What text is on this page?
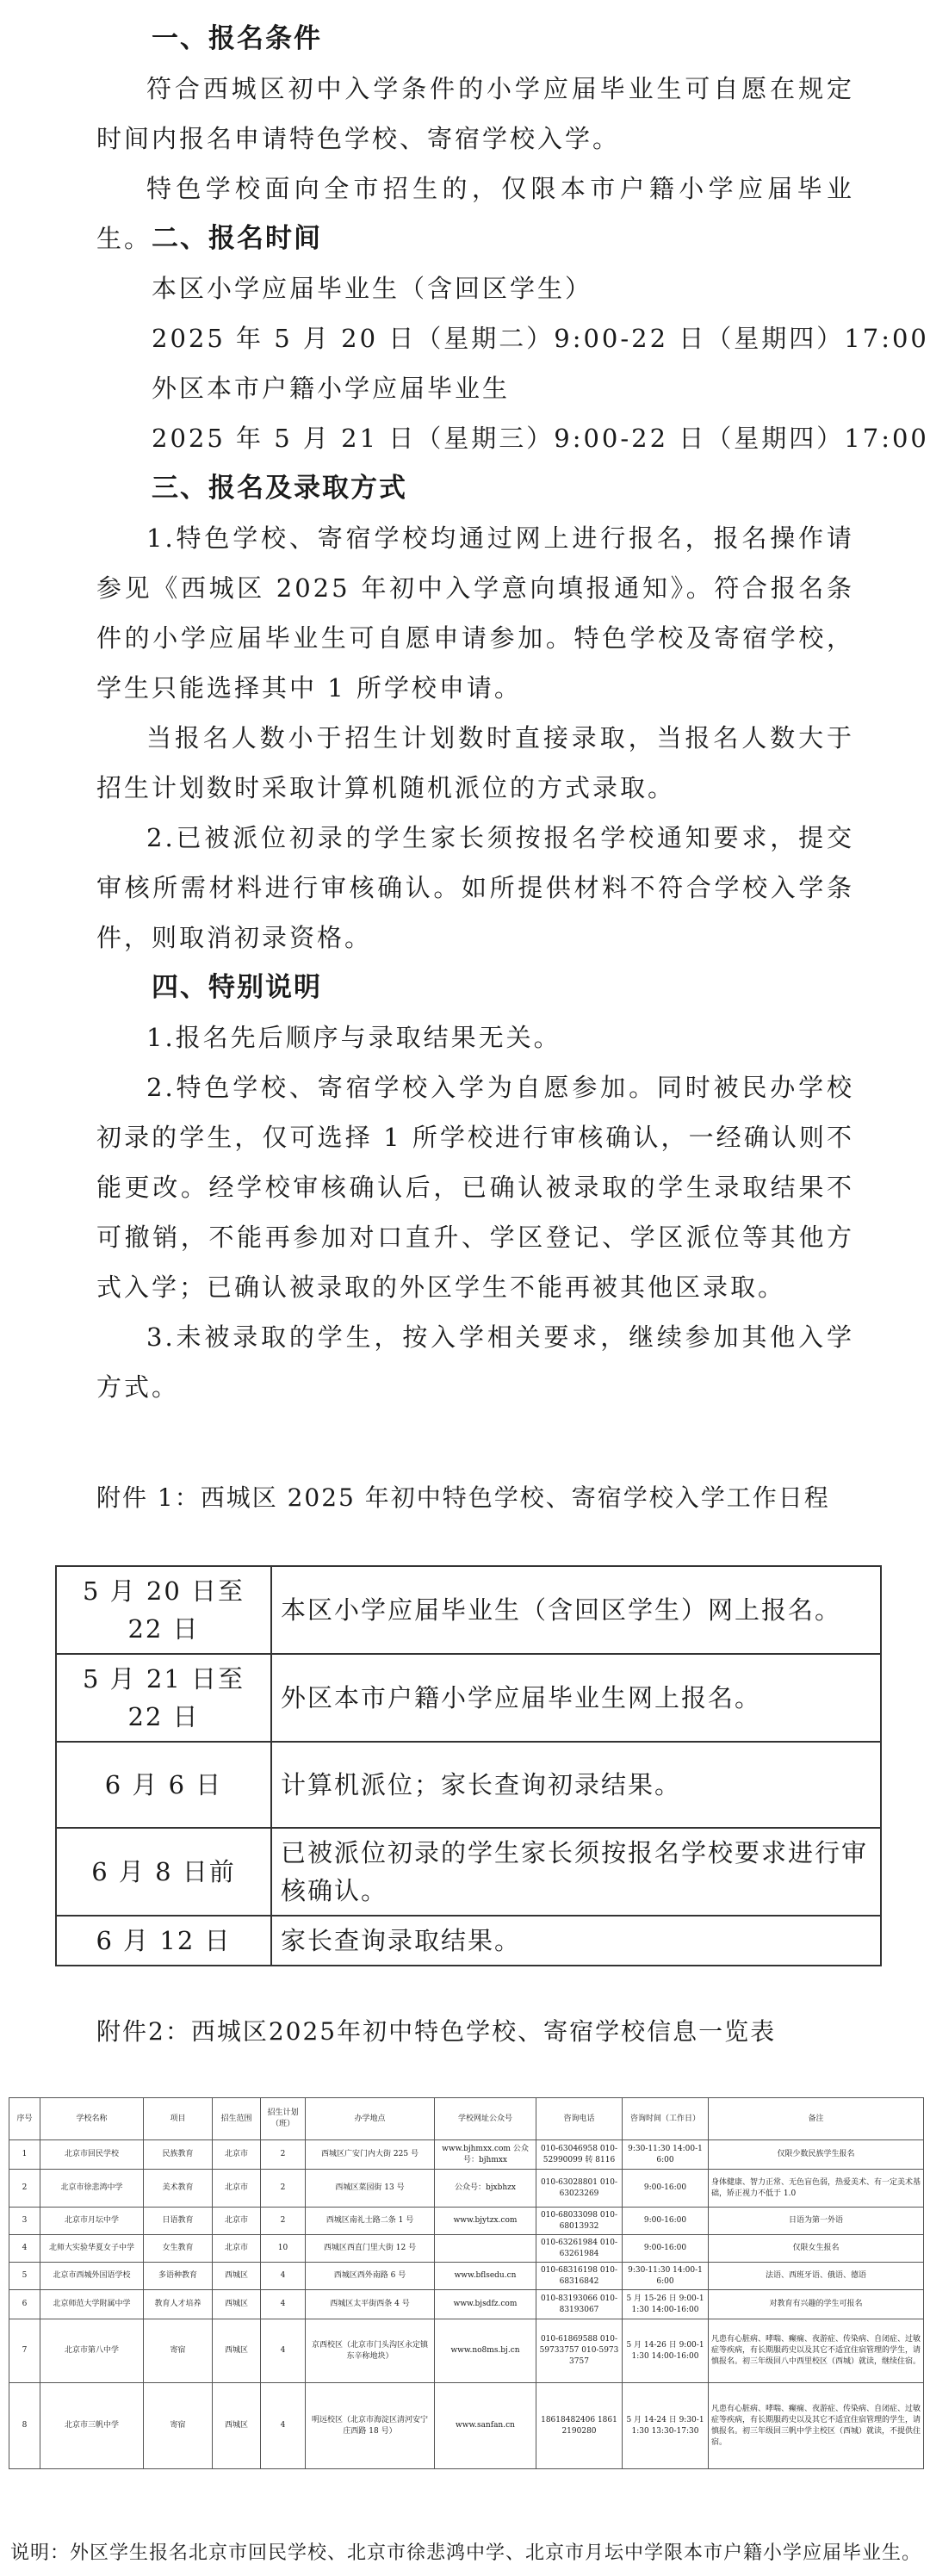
一、报名条件

符合西城区初中入学条件的小学应届毕业生可自愿在规定时间内报名申请特色学校、寄宿学校入学。

特色学校面向全市招生的，仅限本市户籍小学应届毕业生。 二、报名时间
本区小学应届毕业生（含回区学生）
2025 年 5 月 20 日（星期二）9:00-22 日（星期四）17:00
外区本市户籍小学应届毕业生
2025 年 5 月 21 日（星期三）9:00-22 日（星期四）17:00
三、报名及录取方式

1.特色学校、寄宿学校均通过网上进行报名，报名操作请参见《西城区 2025 年初中入学意向填报通知》。符合报名条件的小学应届毕业生可自愿申请参加。特色学校及寄宿学校，学生只能选择其中 1 所学校申请。

当报名人数小于招生计划数时直接录取，当报名人数大于招生计划数时采取计算机随机派位的方式录取。

2.已被派位初录的学生家长须按报名学校通知要求，提交审核所需材料进行审核确认。如所提供材料不符合学校入学条件，则取消初录资格。

四、特别说明

1.报名先后顺序与录取结果无关。

2.特色学校、寄宿学校入学为自愿参加。同时被民办学校初录的学生，仅可选择 1 所学校进行审核确认，一经确认则不能更改。经学校审核确认后，已确认被录取的学生录取结果不可撤销，不能再参加对口直升、学区登记、学区派位等其他方式入学；已确认被录取的外区学生不能再被其他区录取。

3.未被录取的学生，按入学相关要求，继续参加其他入学方式。

附件 1：西城区 2025 年初中特色学校、寄宿学校入学工作日程
5 月 20 日至 22 日	本区小学应届毕业生（含回区学生）网上报名。
5 月 21 日至 22 日	外区本市户籍小学应届毕业生网上报名。
6 月 6 日	计算机派位；家长查询初录结果。
6 月 8 日前	已被派位初录的学生家长须按报名学校要求进行审核确认。
6 月 12 日	家长查询录取结果。
附件2：西城区2025年初中特色学校、寄宿学校信息一览表
序号	学校名称	项目	招生范围	招生计划（班）	办学地点	学校网址公众号	咨询电话	咨询时间（工作日）	备注
1	北京市回民学校	民族教育	北京市	2	西城区广安门内大街 225 号	www.bjhmxx.com 公众号：bjhmxx	010-63046958 010-52990099 转 8116	9:30-11:30 14:00-16:00	仅限少数民族学生报名
2	北京市徐悲鸿中学	美术教育	北京市	2	西城区菜园街 13 号	公众号：bjxbhzx	010-63028801 010-63023269	9:00-16:00	身体健康、智力正常、无色盲色弱，热爱美术、有一定美术基础，矫正视力不低于 1.0
3	北京市月坛中学	日语教育	北京市	2	西城区南礼士路二条 1 号	www.bjytzx.com	010-68033098 010-68013932	9:00-16:00	日语为第一外语
4	北师大实验华夏女子中学	女生教育	北京市	10	西城区西直门里大街 12 号		010-63261984 010-63261984	9:00-16:00	仅限女生报名
5	北京市西城外国语学校	多语种教育	西城区	4	西城区西外南路 6 号	www.bflsedu.cn	010-68316198 010-68316842	9:30-11:30 14:00-16:00	法语、西班牙语、俄语、德语
6	北京师范大学附属中学	教育人才培养	西城区	4	西城区太平街西条 4 号	www.bjsdfz.com	010-83193066 010-83193067	5 月 15-26 日 9:00-11:30 14:00-16:00	对教育有兴趣的学生可报名
7	北京市第八中学	寄宿	西城区	4	京西校区（北京市门头沟区永定镇东辛称地块）	www.no8ms.bj.cn	010-61869588 010-59733757 010-59733757	5 月 14-26 日 9:00-11:30 14:00-16:00	凡患有心脏病、哮喘、癫痫、夜游症、传染病、自闭症、过敏症等疾病，有长期服药史以及其它不适宜住宿管理的学生，请慎报名。初三年级回八中西里校区（西城）就读，继续住宿。
8	北京市三帆中学	寄宿	西城区	4	明远校区（北京市海淀区清河安宁庄西路 18 号）	www.sanfan.cn	18618482406 18612190280	5 月 14-24 日 9:30-11:30 13:30-17:30	凡患有心脏病、哮喘、癫痫、夜游症、传染病、自闭症、过敏症等疾病，有长期服药史以及其它不适宜住宿管理的学生，请慎报名。初三年级回三帆中学主校区（西城）就读，不提供住宿。
说明：外区学生报名北京市回民学校、北京市徐悲鸿中学、北京市月坛中学限本市户籍小学应届毕业生。
